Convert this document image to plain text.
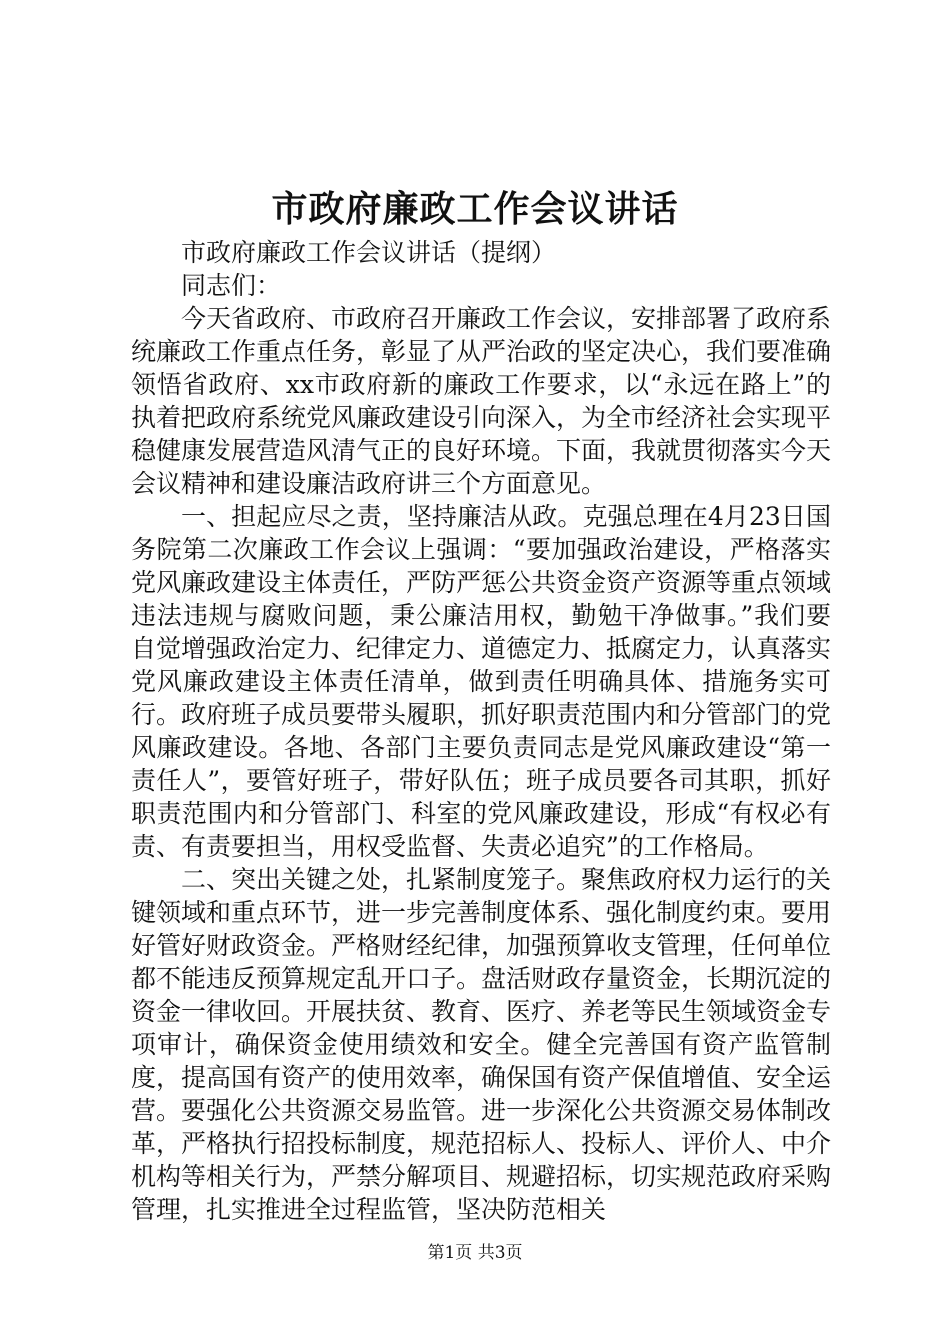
市政府廉政工作会议讲话

市政府廉政工作会议讲话（提纲）

同志们：

今天省政府、市政府召开廉政工作会议，安排部署了政府系统廉政工作重点任务，彰显了从严治政的坚定决心，我们要准确领悟省政府、xx市政府新的廉政工作要求，以“永远在路上”的执着把政府系统党风廉政建设引向深入，为全市经济社会实现平稳健康发展营造风清气正的良好环境。下面，我就贯彻落实今天会议精神和建设廉洁政府讲三个方面意见。

一、担起应尽之责，坚持廉洁从政。克强总理在4月23日国务院第二次廉政工作会议上强调：“要加强政治建设，严格落实党风廉政建设主体责任，严防严惩公共资金资产资源等重点领域违法违规与腐败问题，秉公廉洁用权，勤勉干净做事。”我们要自觉增强政治定力、纪律定力、道德定力、抵腐定力，认真落实党风廉政建设主体责任清单，做到责任明确具体、措施务实可行。政府班子成员要带头履职，抓好职责范围内和分管部门的党风廉政建设。各地、各部门主要负责同志是党风廉政建设“第一责任人”，要管好班子，带好队伍；班子成员要各司其职，抓好职责范围内和分管部门、科室的党风廉政建设，形成“有权必有责、有责要担当，用权受监督、失责必追究”的工作格局。

二、突出关键之处，扎紧制度笼子。聚焦政府权力运行的关键领域和重点环节，进一步完善制度体系、强化制度约束。要用好管好财政资金。严格财经纪律，加强预算收支管理，任何单位都不能违反预算规定乱开口子。盘活财政存量资金，长期沉淀的资金一律收回。开展扶贫、教育、医疗、养老等民生领域资金专项审计，确保资金使用绩效和安全。健全完善国有资产监管制度，提高国有资产的使用效率，确保国有资产保值增值、安全运营。要强化公共资源交易监管。进一步深化公共资源交易体制改革，严格执行招投标制度，规范招标人、投标人、评价人、中介机构等相关行为，严禁分解项目、规避招标，切实规范政府采购管理，扎实推进全过程监管，坚决防范相关

第1页 共3页
